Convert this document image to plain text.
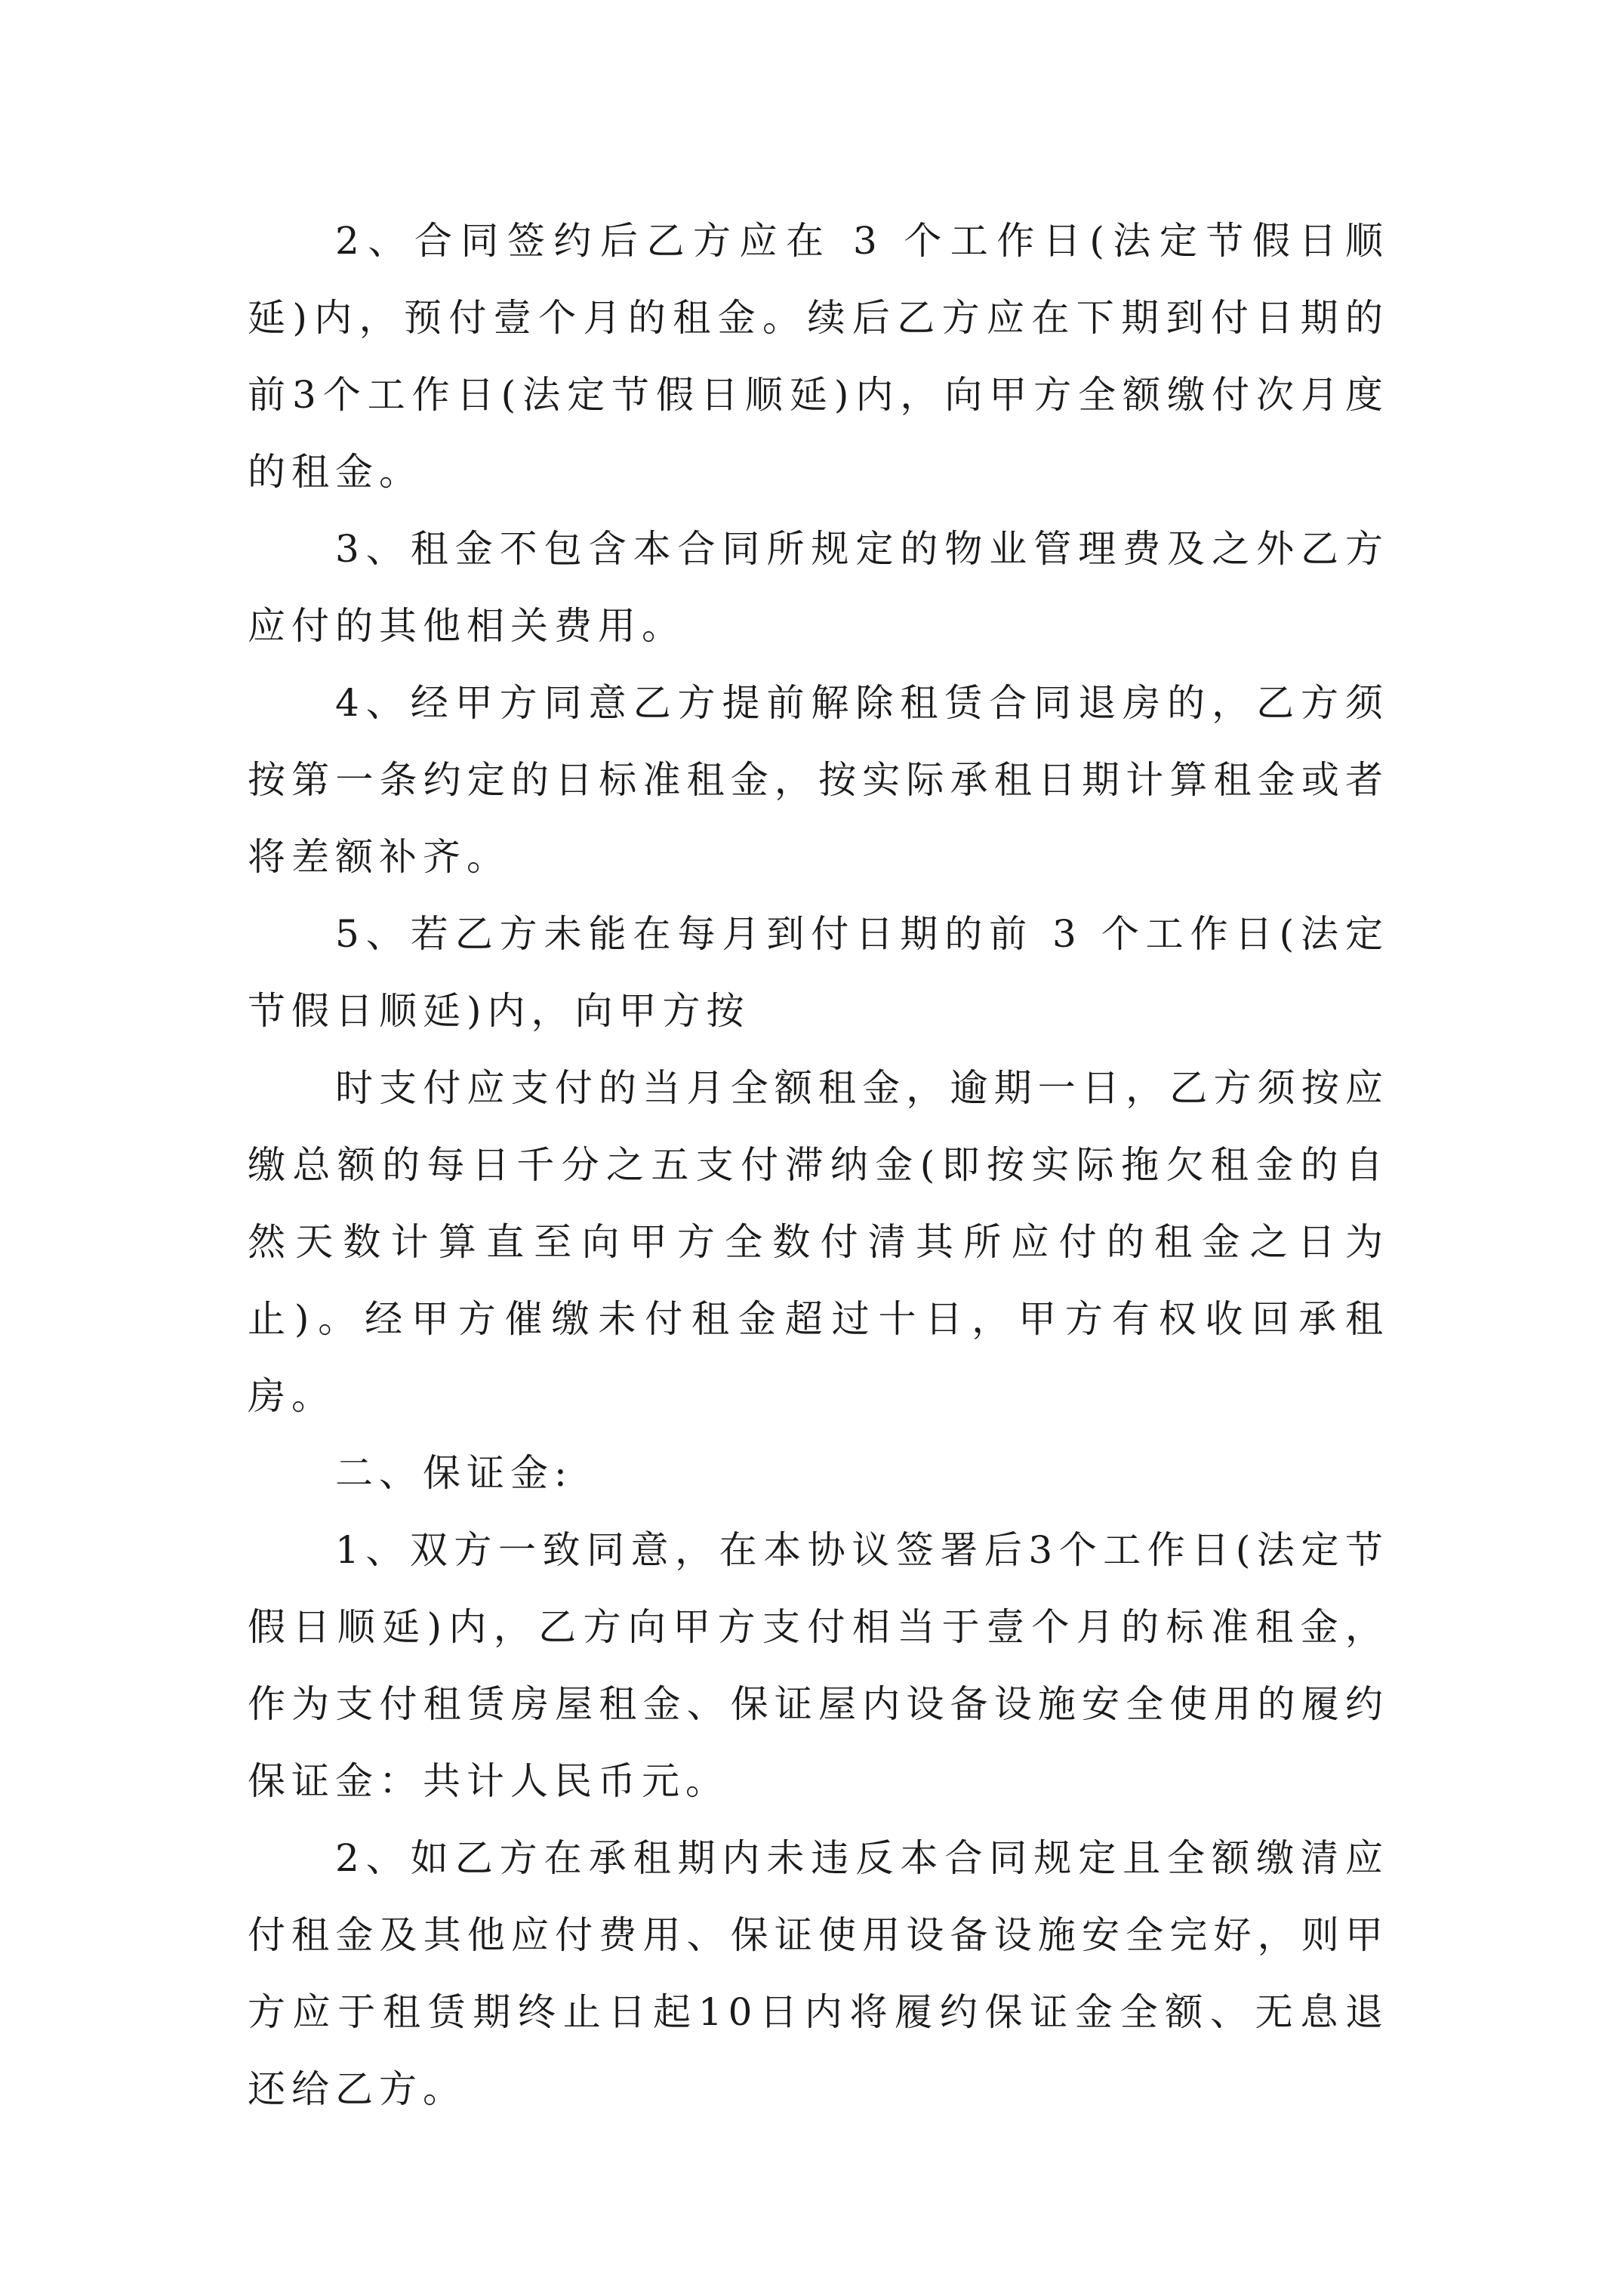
2、合同签约后乙方应在 3 个工作日(法定节假日顺延)内，预付壹个月的租金。续后乙方应在下期到付日期的前3个工作日(法定节假日顺延)内，向甲方全额缴付次月度的租金。

3、租金不包含本合同所规定的物业管理费及之外乙方应付的其他相关费用。

4、经甲方同意乙方提前解除租赁合同退房的，乙方须按第一条约定的日标准租金，按实际承租日期计算租金或者将差额补齐。

5、若乙方未能在每月到付日期的前 3 个工作日(法定节假日顺延)内，向甲方按

时支付应支付的当月全额租金，逾期一日，乙方须按应缴总额的每日千分之五支付滞纳金(即按实际拖欠租金的自然天数计算直至向甲方全数付清其所应付的租金之日为止)。经甲方催缴未付租金超过十日，甲方有权收回承租房。

二、保证金:

1、双方一致同意，在本协议签署后3个工作日(法定节假日顺延)内，乙方向甲方支付相当于壹个月的标准租金，作为支付租赁房屋租金、保证屋内设备设施安全使用的履约保证金：共计人民币元。

2、如乙方在承租期内未违反本合同规定且全额缴清应付租金及其他应付费用、保证使用设备设施安全完好，则甲方应于租赁期终止日起10日内将履约保证金全额、无息退还给乙方。
